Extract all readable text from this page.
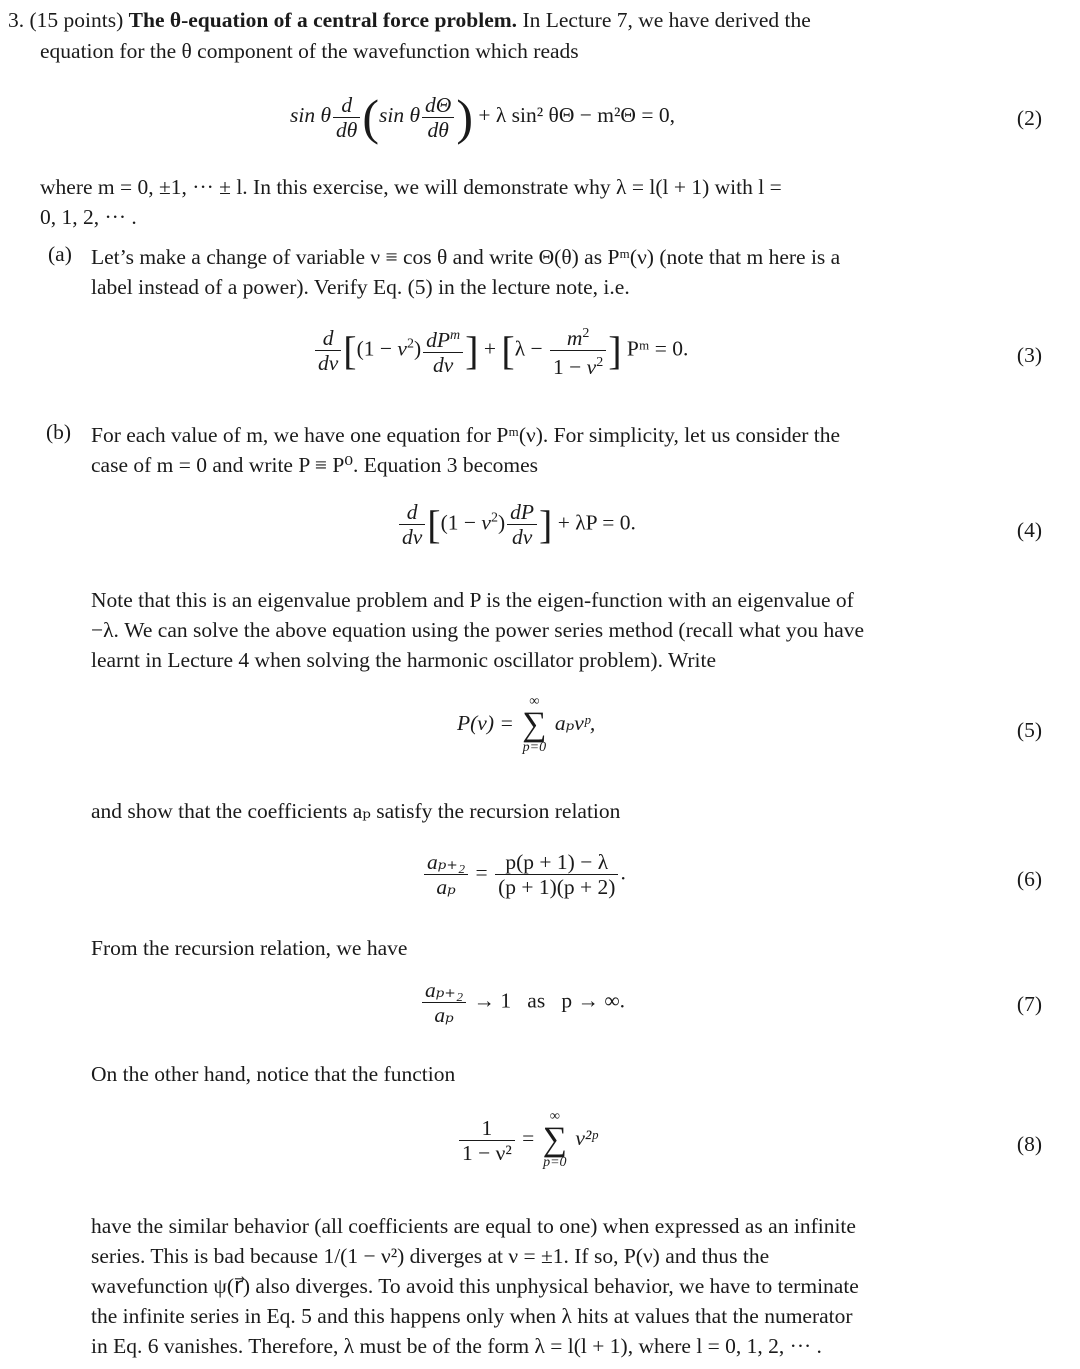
3. (15 points) The θ-equation of a central force problem. In Lecture 7, we have derived the

equation for the θ component of the wavefunction which reads

sin θ $\frac{d}{d\theta} (\sin$ θ $\frac{d\Theta}{d\theta}$ ) + λ sin² θΘ − m²Θ = 0,	(2)

where m = 0, ±1, ··· ± l. In this exercise, we will demonstrate why λ = l(l + 1) with l =

0, 1, 2, ··· .

(a) Let’s make a change of variable ν ≡ cos θ and write Θ(θ) as Pᵐ(ν) (note that m here is a

label instead of a power). Verify Eq. (5) in the lecture note, i.e.

$\frac{d}{dv} [(1 - v^2) \frac{dP^m}{dv}$ ] + [$\lambda - \frac{m^2}{1 - v^2}$ ] Pᵐ = 0.	(3)
(b) For each value of m, we have one equation for Pᵐ(ν). For simplicity, let us consider the

case of m = 0 and write P ≡ P⁰. Equation 3 becomes

$\frac{d}{dv} [(1 - v^2) \frac{dP}{dv}$ ] + λP = 0.	(4)

Note that this is an eigenvalue problem and P is the eigen-function with an eigenvalue of

−λ. We can solve the above equation using the power series method (recall what you have

learnt in Lecture 4 when solving the harmonic oscillator problem). Write

P(ν) =
∞
∑
p=0
aₚνᵖ,	(5)

and show that the coefficients aₚ satisfy the recursion relation

$\frac{\text{aₚ₊₂}}{\text{aₚ}} = \frac{p(p + 1) - \lambda}{(p + 1)(p + 2)}$ .	(6)

From the recursion relation, we have

$\frac{\text{aₚ₊₂}}{\text{aₚ}} \to 1$   as   p → ∞.	(7)

On the other hand, notice that the function

$\frac{1}{\text{1 − ν²}}$ =
∞
∑
p=0
ν²ᵖ	(8)

have the similar behavior (all coefficients are equal to one) when expressed as an infinite

series. This is bad because 1/(1 − ν²) diverges at ν = ±1. If so, P(ν) and thus the

wavefunction ψ(r⃗) also diverges. To avoid this unphysical behavior, we have to terminate

the infinite series in Eq. 5 and this happens only when λ hits at values that the numerator

in Eq. 6 vanishes. Therefore, λ must be of the form λ = l(l + 1), where l = 0, 1, 2, ··· .
